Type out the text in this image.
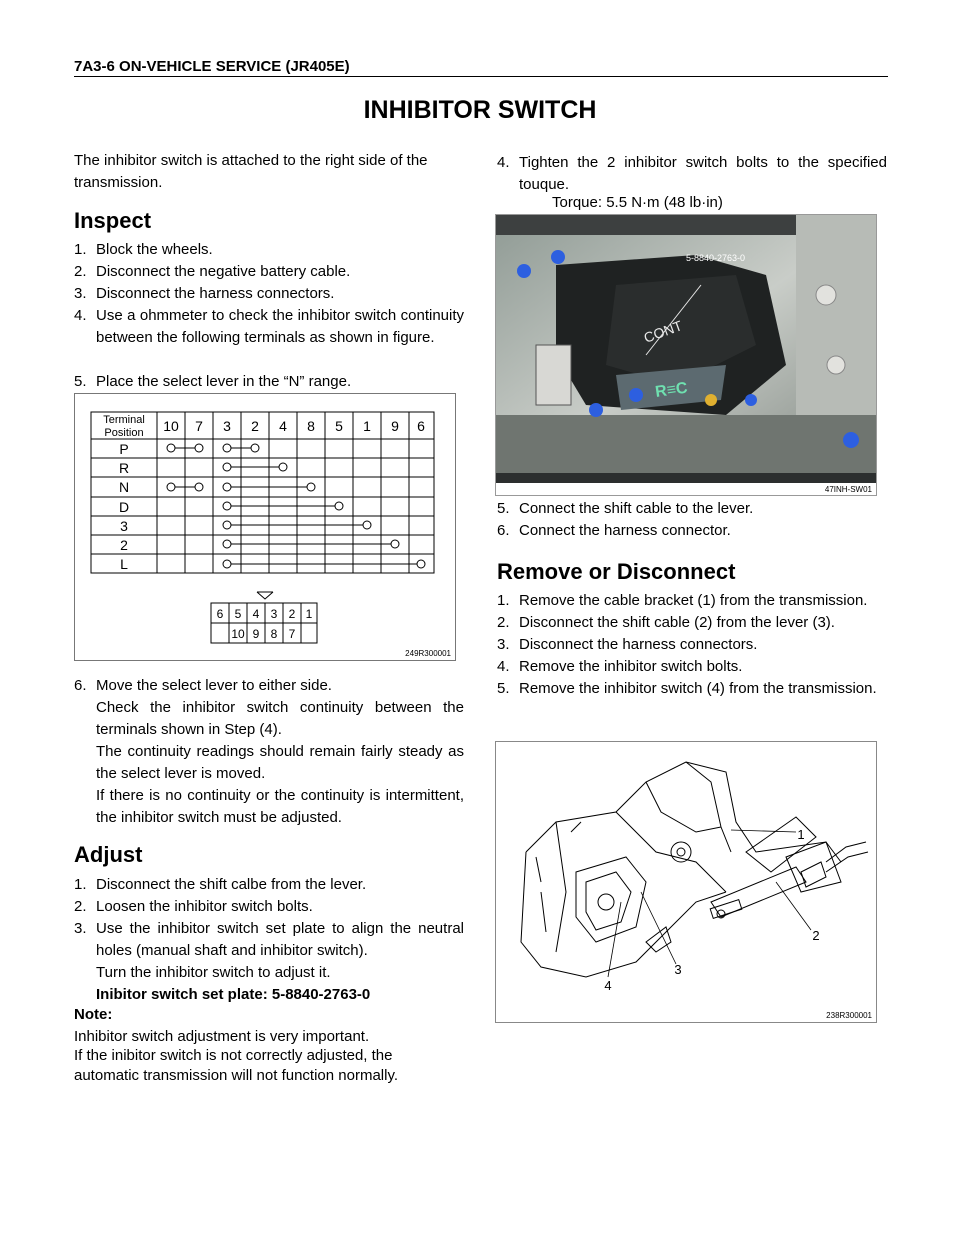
7A3-6 ON-VEHICLE SERVICE (JR405E)
INHIBITOR SWITCH
The inhibitor switch is attached to the right side of the transmission.
Inspect
1. Block the wheels.
2. Disconnect the negative battery cable.
3. Disconnect the harness connectors.
4. Use a ohmmeter to check the inhibitor switch continuity between the following terminals as shown in figure.
5. Place the select lever in the “N” range.
Terminal
Position 10 7 3 2 4 8 5 1 9 6
P
R
N
D
3
2
L
6 5 4 3 2 1
10 9 8 7
249R300001
6. Move the select lever to either side.
Check the inhibitor switch continuity between the terminals shown in Step (4).
The continuity readings should remain fairly steady as the select lever is moved.
If there is no continuity or the continuity is intermittent, the inhibitor switch must be adjusted.
Adjust
1. Disconnect the shift calbe from the lever.
2. Loosen the inhibitor switch bolts.
3. Use the inhibitor switch set plate to align the neutral holes (manual shaft and inhibitor switch).
Turn the inhibitor switch to adjust it.
Inibitor switch set plate: 5-8840-2763-0
Note:
Inhibitor switch adjustment is very important.
If the inibitor switch is not correctly adjusted, the automatic transmission will not function normally.
4. Tighten the 2 inhibitor switch bolts to the specified touque.
Torque: 5.5 N·m (48 lb·in)
5-8840-2763-0
CONT
R≡C
47INH-SW01
5. Connect the shift cable to the lever.
6. Connect the harness connector.
Remove or Disconnect
1. Remove the cable bracket (1) from the transmission.
2. Disconnect the shift cable (2) from the lever (3).
3. Disconnect the harness connectors.
4. Remove the inhibitor switch bolts.
5. Remove the inhibitor switch (4) from the transmission.
1
2
3
4
238R300001
